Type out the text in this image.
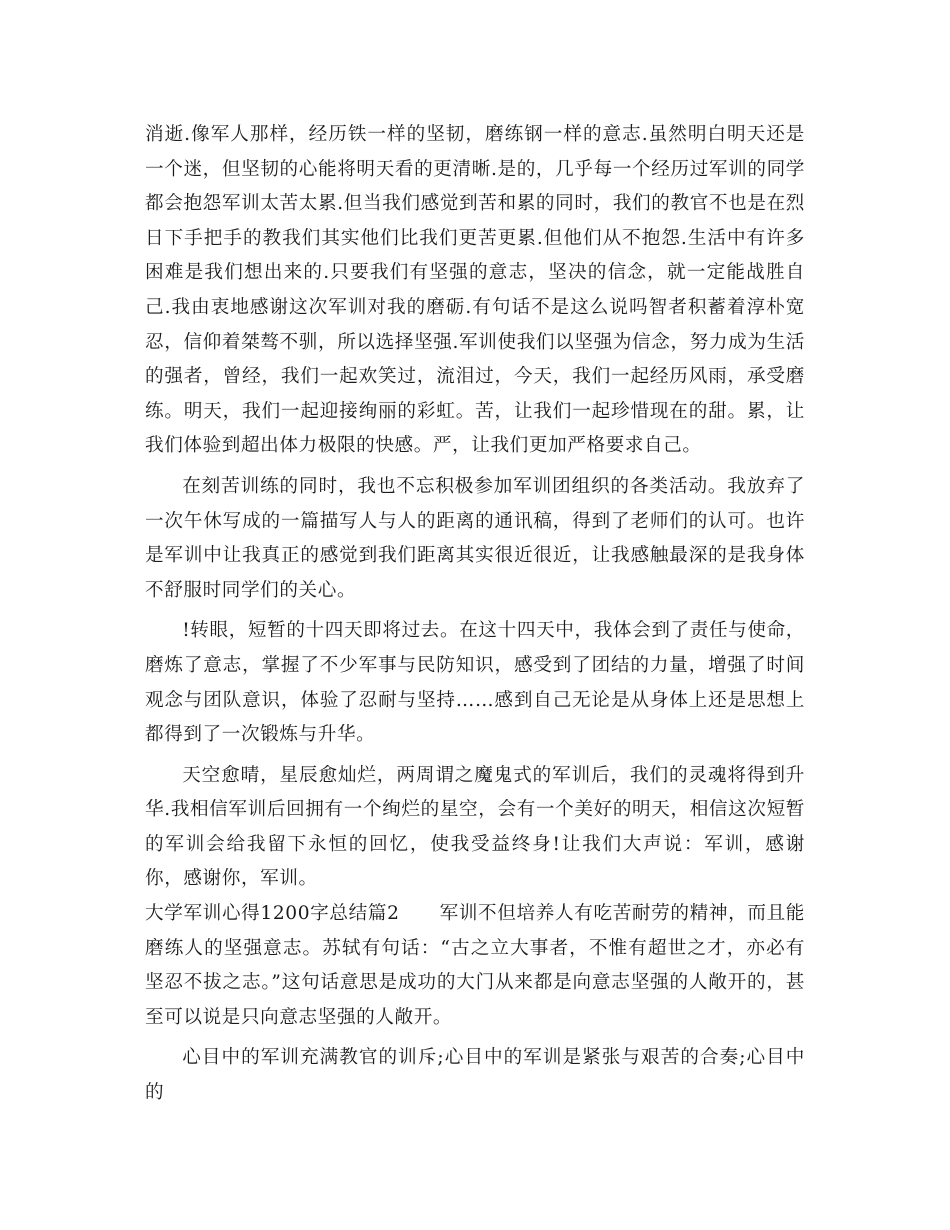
消逝.像军人那样，经历铁一样的坚韧，磨练钢一样的意志.虽然明白明天还是一个迷，但坚韧的心能将明天看的更清晰.是的，几乎每一个经历过军训的同学都会抱怨军训太苦太累.但当我们感觉到苦和累的同时，我们的教官不也是在烈日下手把手的教我们其实他们比我们更苦更累.但他们从不抱怨.生活中有许多困难是我们想出来的.只要我们有坚强的意志，坚决的信念，就一定能战胜自己.我由衷地感谢这次军训对我的磨砺.有句话不是这么说吗智者积蓄着淳朴宽忍，信仰着桀骜不驯，所以选择坚强.军训使我们以坚强为信念，努力成为生活的强者，曾经，我们一起欢笑过，流泪过，今天，我们一起经历风雨，承受磨练。明天，我们一起迎接绚丽的彩虹。苦，让我们一起珍惜现在的甜。累，让我们体验到超出体力极限的快感。严，让我们更加严格要求自己。

在刻苦训练的同时，我也不忘积极参加军训团组织的各类活动。我放弃了一次午休写成的一篇描写人与人的距离的通讯稿，得到了老师们的认可。也许是军训中让我真正的感觉到我们距离其实很近很近，让我感触最深的是我身体不舒服时同学们的关心。

!转眼，短暂的十四天即将过去。在这十四天中，我体会到了责任与使命，磨炼了意志，掌握了不少军事与民防知识，感受到了团结的力量，增强了时间观念与团队意识，体验了忍耐与坚持……感到自己无论是从身体上还是思想上都得到了一次锻炼与升华。

天空愈晴，星辰愈灿烂，两周谓之魔鬼式的军训后，我们的灵魂将得到升华.我相信军训后回拥有一个绚烂的星空，会有一个美好的明天，相信这次短暂的军训会给我留下永恒的回忆，使我受益终身!让我们大声说：军训，感谢你，感谢你，军训。

大学军训心得1200字总结篇2 军训不但培养人有吃苦耐劳的精神，而且能磨练人的坚强意志。苏轼有句话：“古之立大事者，不惟有超世之才，亦必有坚忍不拔之志。”这句话意思是成功的大门从来都是向意志坚强的人敞开的，甚至可以说是只向意志坚强的人敞开。

心目中的军训充满教官的训斥;心目中的军训是紧张与艰苦的合奏;心目中的
